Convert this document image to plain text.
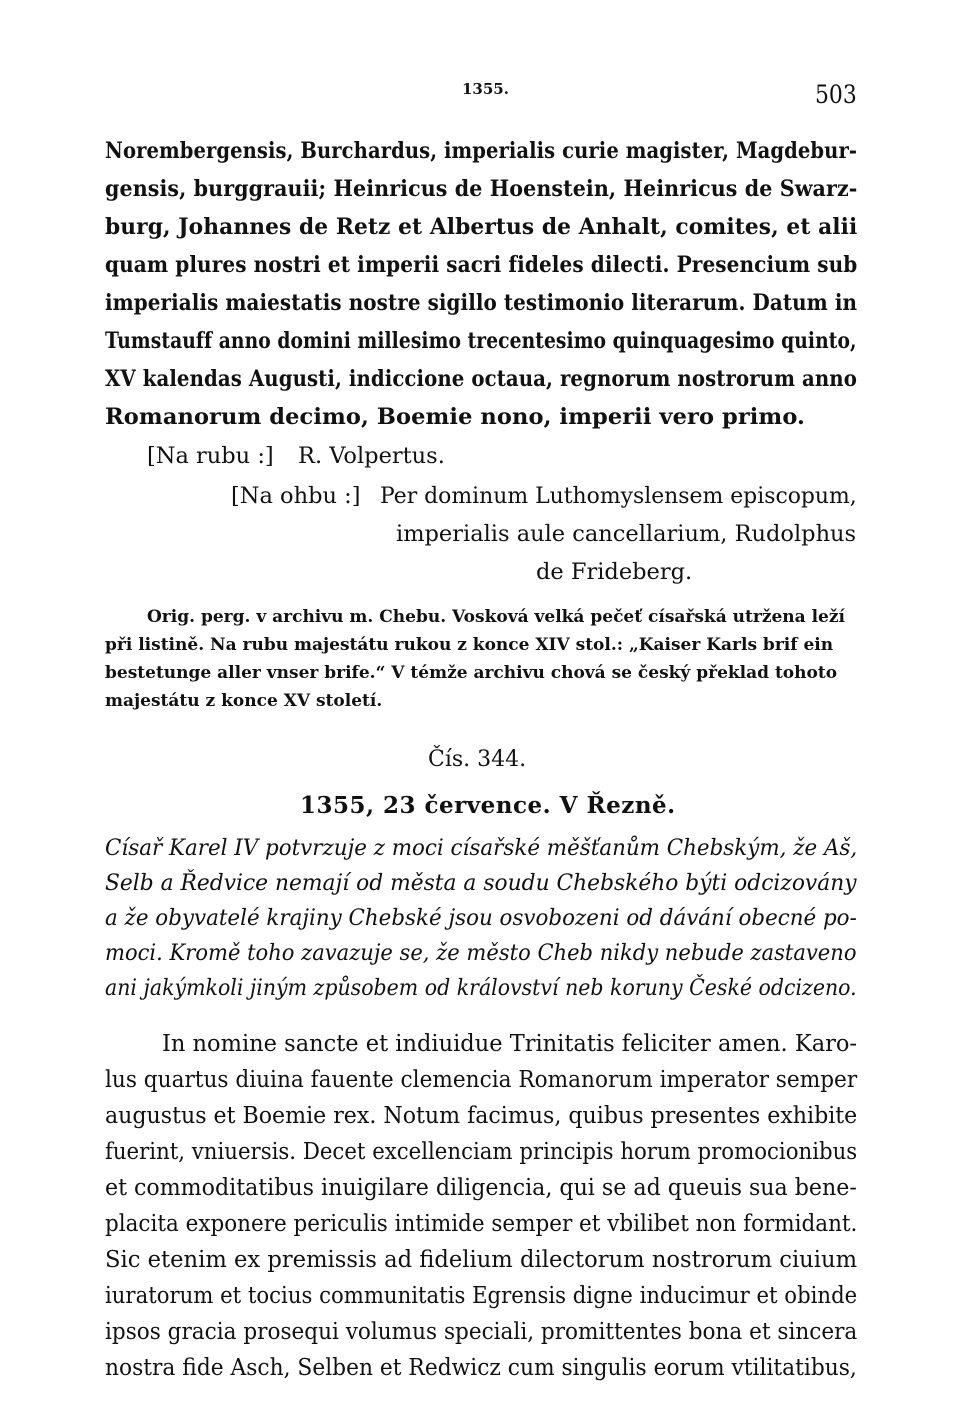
1355.	503
Norembergensis, Burchardus, imperialis curie magister, Magdebur-
gensis, burggrauii; Heinricus de Hoenstein, Heinricus de Swarz-
burg, Johannes de Retz et Albertus de Anhalt, comites, et alii
quam plures nostri et imperii sacri fideles dilecti. Presencium sub
imperialis maiestatis nostre sigillo testimonio literarum. Datum in
Tumstauff anno domini millesimo trecentesimo quinquagesimo quinto,
XV kalendas Augusti, indiccione octaua, regnorum nostrorum anno
Romanorum decimo, Boemie nono, imperii vero primo.
[Na rubu :] R. Volpertus.
[Na ohbu :] Per dominum Luthomyslensem episcopum,
imperialis aule cancellarium, Rudolphus
de Frideberg.
Orig. perg. v archivu m. Chebu. Vosková velká pečeť císařská utržena leží
při listině. Na rubu majestátu rukou z konce XIV stol.: „Kaiser Karls brif ein
bestetunge aller vnser brife.“ V témže archivu chová se český překlad tohoto
majestátu z konce XV století.
Čís. 344.
1355, 23 července. V Řezně.
Císař Karel IV potvrzuje z moci císařské měšťanům Chebským, že Aš,
Selb a Ředvice nemají od města a soudu Chebského býti odcizovány
a že obyvatelé krajiny Chebské jsou osvobozeni od dávání obecné po-
moci. Kromě toho zavazuje se, že město Cheb nikdy nebude zastaveno
ani jakýmkoli jiným způsobem od království neb koruny České odcizeno.
In nomine sancte et indiuidue Trinitatis feliciter amen. Karo-
lus quartus diuina fauente clemencia Romanorum imperator semper
augustus et Boemie rex. Notum facimus, quibus presentes exhibite
fuerint, vniuersis. Decet excellenciam principis horum promocionibus
et commoditatibus inuigilare diligencia, qui se ad queuis sua bene-
placita exponere periculis intimide semper et vbilibet non formidant.
Sic etenim ex premissis ad fidelium dilectorum nostrorum ciuium
iuratorum et tocius communitatis Egrensis digne inducimur et obinde
ipsos gracia prosequi volumus speciali, promittentes bona et sincera
nostra fide Asch, Selben et Redwicz cum singulis eorum vtilitatibus,
